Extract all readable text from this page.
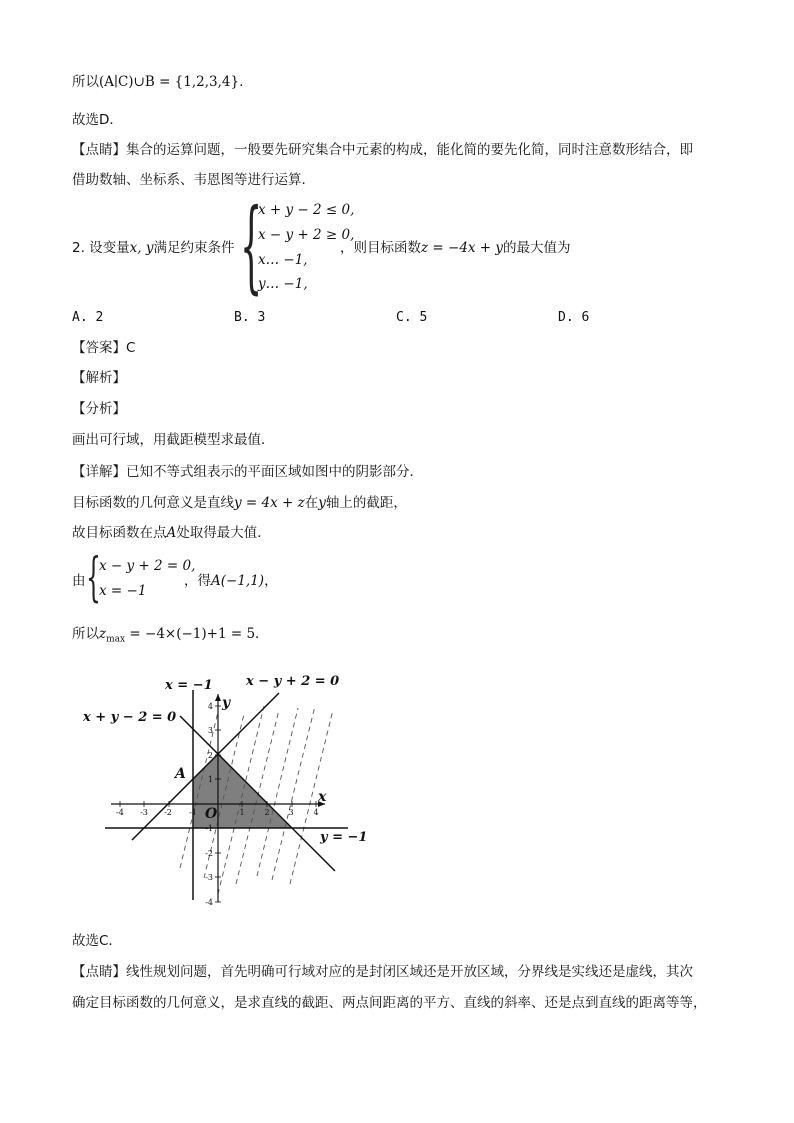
所以(A∣C)∪B = {1,2,3,4}.
故选D．
【点睛】集合的运算问题，一般要先研究集合中元素的构成，能化简的要先化简，同时注意数形结合，即
借助数轴、坐标系、韦恩图等进行运算．
2. 设变量x, y满足约束条件 {
x + y − 2 ≤ 0,
x − y + 2 ≥ 0,
x… −1,
y… −1,
，则目标函数z = −4x + y的最大值为
A. 2	B. 3	C. 5	D. 6
【答案】C
【解析】
【分析】
画出可行域，用截距模型求最值．
【详解】已知不等式组表示的平面区域如图中的阴影部分．
目标函数的几何意义是直线y = 4x + z在y轴上的截距，
故目标函数在点A处取得最大值．
由 {
x − y + 2 = 0,
x = −1
，得A(−1,1)，
所以$z_{max} = -4\times(-1)+1 = 5$．
-4 -3 -2 -1	1 2 3 4
4
3
2
1
-1
-2
-3
-4
x = −1	x − y + 2 = 0
x + y − 2 = 0
y = −1
A
O
x
y
故选C．
【点睛】线性规划问题，首先明确可行域对应的是封闭区域还是开放区域，分界线是实线还是虚线，其次
确定目标函数的几何意义，是求直线的截距、两点间距离的平方、直线的斜率、还是点到直线的距离等等，
